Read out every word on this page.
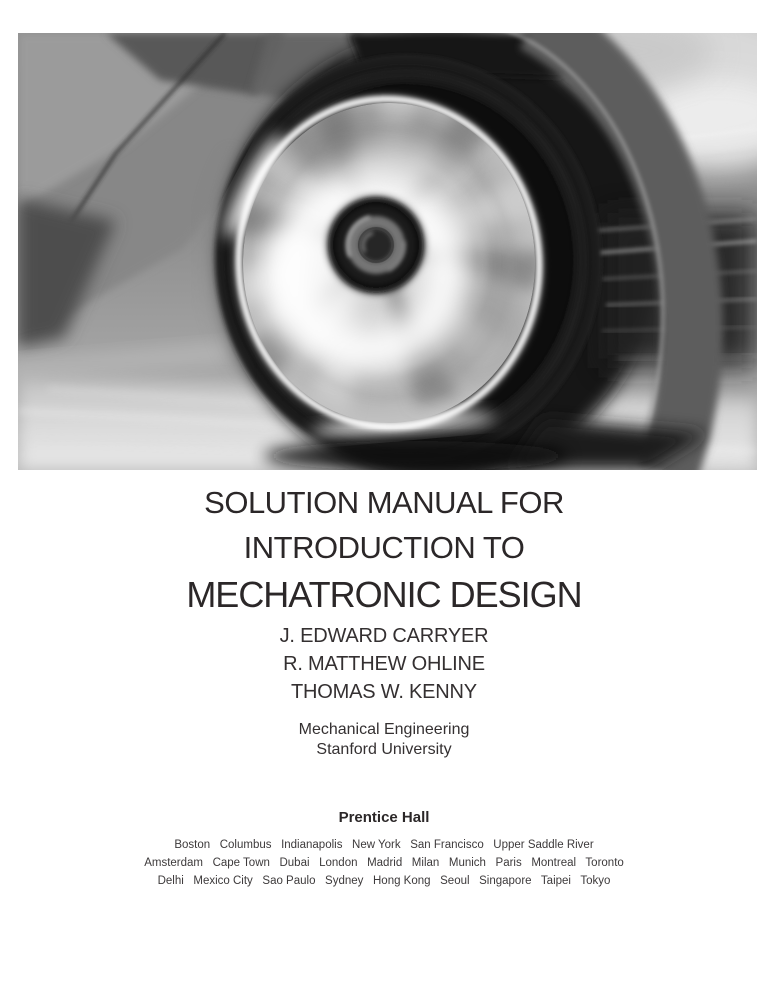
SOLUTION MANUAL FOR
INTRODUCTION TO
MECHATRONIC DESIGN
J. EDWARD CARRYER
R. MATTHEW OHLINE
THOMAS W. KENNY
Mechanical Engineering
Stanford University
Prentice Hall
Boston   Columbus   Indianapolis   New York   San Francisco   Upper Saddle River
Amsterdam   Cape Town   Dubai   London   Madrid   Milan   Munich   Paris   Montreal   Toronto
Delhi   Mexico City   Sao Paulo   Sydney   Hong Kong   Seoul   Singapore   Taipei   Tokyo
